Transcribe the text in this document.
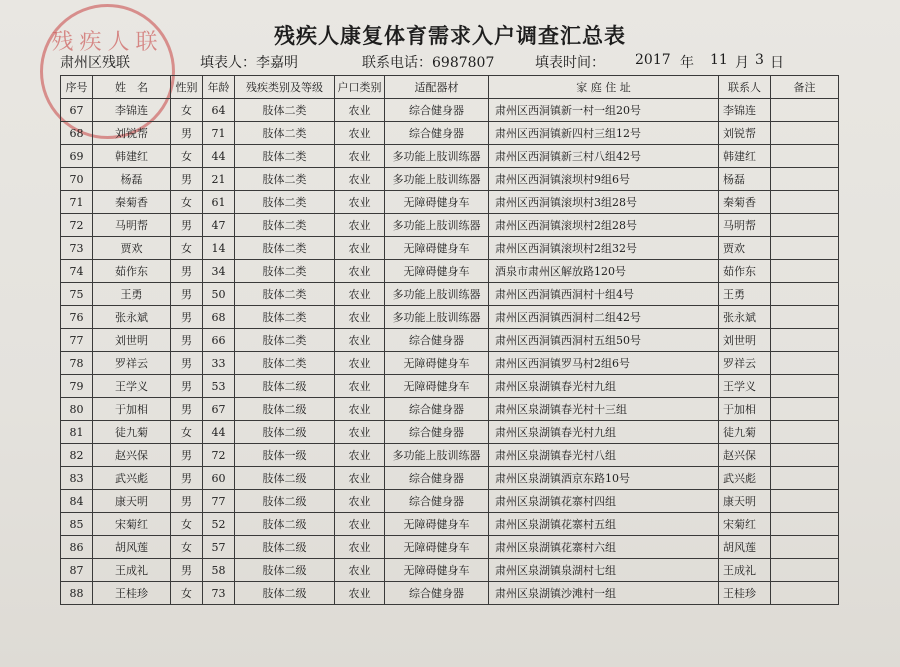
残疾人联	残疾人康复体育需求入户调查汇总表
肃州区残联	填表人：李嘉明	联系电话：6987807	填表时间： 2017 年 11 月 3 日
序号	姓　名	性别	年龄	残疾类别及等级	户口类别	适配器材	家 庭 住 址	联系人	备注
67	李锦连	女	64	肢体二类	农业	综合健身器	肃州区西洞镇新一村一组20号	李锦连	
68	刘锐帮	男	71	肢体二类	农业	综合健身器	肃州区西洞镇新四村三组12号	刘锐帮	
69	韩建红	女	44	肢体二类	农业	多功能上肢训练器	肃州区西洞镇新三村八组42号	韩建红	
70	杨磊	男	21	肢体二类	农业	多功能上肢训练器	肃州区西洞镇滚坝村9组6号	杨磊	
71	秦菊香	女	61	肢体二类	农业	无障碍健身车	肃州区西洞镇滚坝村3组28号	秦菊香	
72	马明帮	男	47	肢体二类	农业	多功能上肢训练器	肃州区西洞镇滚坝村2组28号	马明帮	
73	贾欢	女	14	肢体二类	农业	无障碍健身车	肃州区西洞镇滚坝村2组32号	贾欢	
74	茹作东	男	34	肢体二类	农业	无障碍健身车	酒泉市肃州区解放路120号	茹作东	
75	王勇	男	50	肢体二类	农业	多功能上肢训练器	肃州区西洞镇西洞村十组4号	王勇	
76	张永斌	男	68	肢体二类	农业	多功能上肢训练器	肃州区西洞镇西洞村二组42号	张永斌	
77	刘世明	男	66	肢体二类	农业	综合健身器	肃州区西洞镇西洞村五组50号	刘世明	
78	罗祥云	男	33	肢体二类	农业	无障碍健身车	肃州区西洞镇罗马村2组6号	罗祥云	
79	王学义	男	53	肢体二级	农业	无障碍健身车	肃州区泉湖镇春光村九组	王学义	
80	于加相	男	67	肢体二级	农业	综合健身器	肃州区泉湖镇春光村十三组	于加相	
81	徒九菊	女	44	肢体二级	农业	综合健身器	肃州区泉湖镇春光村九组	徒九菊	
82	赵兴保	男	72	肢体一级	农业	多功能上肢训练器	肃州区泉湖镇春光村八组	赵兴保	
83	武兴彪	男	60	肢体二级	农业	综合健身器	肃州区泉湖镇酒京东路10号	武兴彪	
84	康天明	男	77	肢体二级	农业	综合健身器	肃州区泉湖镇花寨村四组	康天明	
85	宋菊红	女	52	肢体二级	农业	无障碍健身车	肃州区泉湖镇花寨村五组	宋菊红	
86	胡风莲	女	57	肢体二级	农业	无障碍健身车	肃州区泉湖镇花寨村六组	胡风莲	
87	王成礼	男	58	肢体二级	农业	无障碍健身车	肃州区泉湖镇泉湖村七组	王成礼	
88	王桂珍	女	73	肢体二级	农业	综合健身器	肃州区泉湖镇沙滩村一组	王桂珍	
